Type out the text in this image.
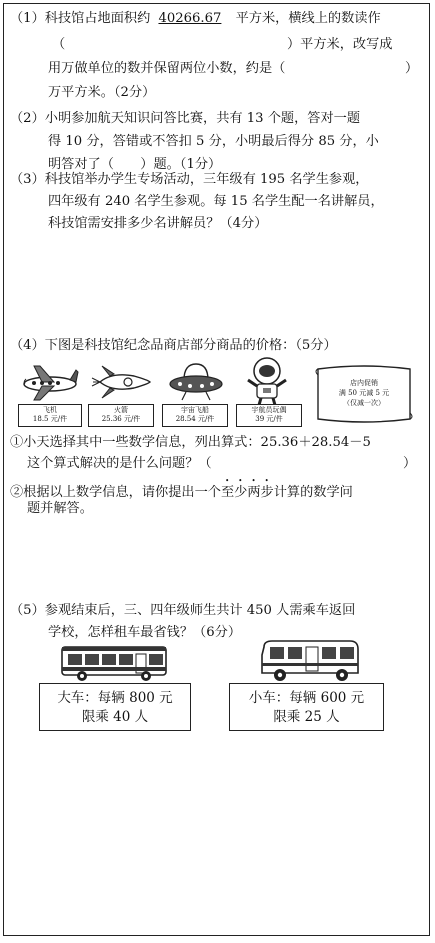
（1）科技馆占地面积约 40266.67 平方米，横线上的数读作
（	）平方米，改写成
用万做单位的数并保留两位小数，约是（	）
万平方米。（2分）
（2）小明参加航天知识问答比赛，共有 13 个题，答对一题
得 10 分，答错或不答扣 5 分，小明最后得分 85 分，小
明答对了（　　）题。（1分）
（3）科技馆举办学生专场活动，三年级有 195 名学生参观，
四年级有 240 名学生参观。每 15 名学生配一名讲解员，
科技馆需安排多少名讲解员？（4分）
（4）下图是科技馆纪念品商店部分商品的价格：（5分）
飞机
18.5 元/件
火箭
25.36 元/件
宇宙飞船
28.54 元/件
宇航员玩偶
39 元/件
店内促销
满 50 元减 5 元
（仅减一次）
①小天选择其中一些数学信息，列出算式：25.36＋28.54－5
这个算式解决的是什么问题？（	）
②根据以上数学信息，请你提出一个至少两步计算的数学问
题并解答。
（5）参观结束后，三、四年级师生共计 450 人需乘车返回
学校，怎样租车最省钱？（6分）
大车：每辆 800 元
限乘 40 人
小车：每辆 600 元
限乘 25 人
